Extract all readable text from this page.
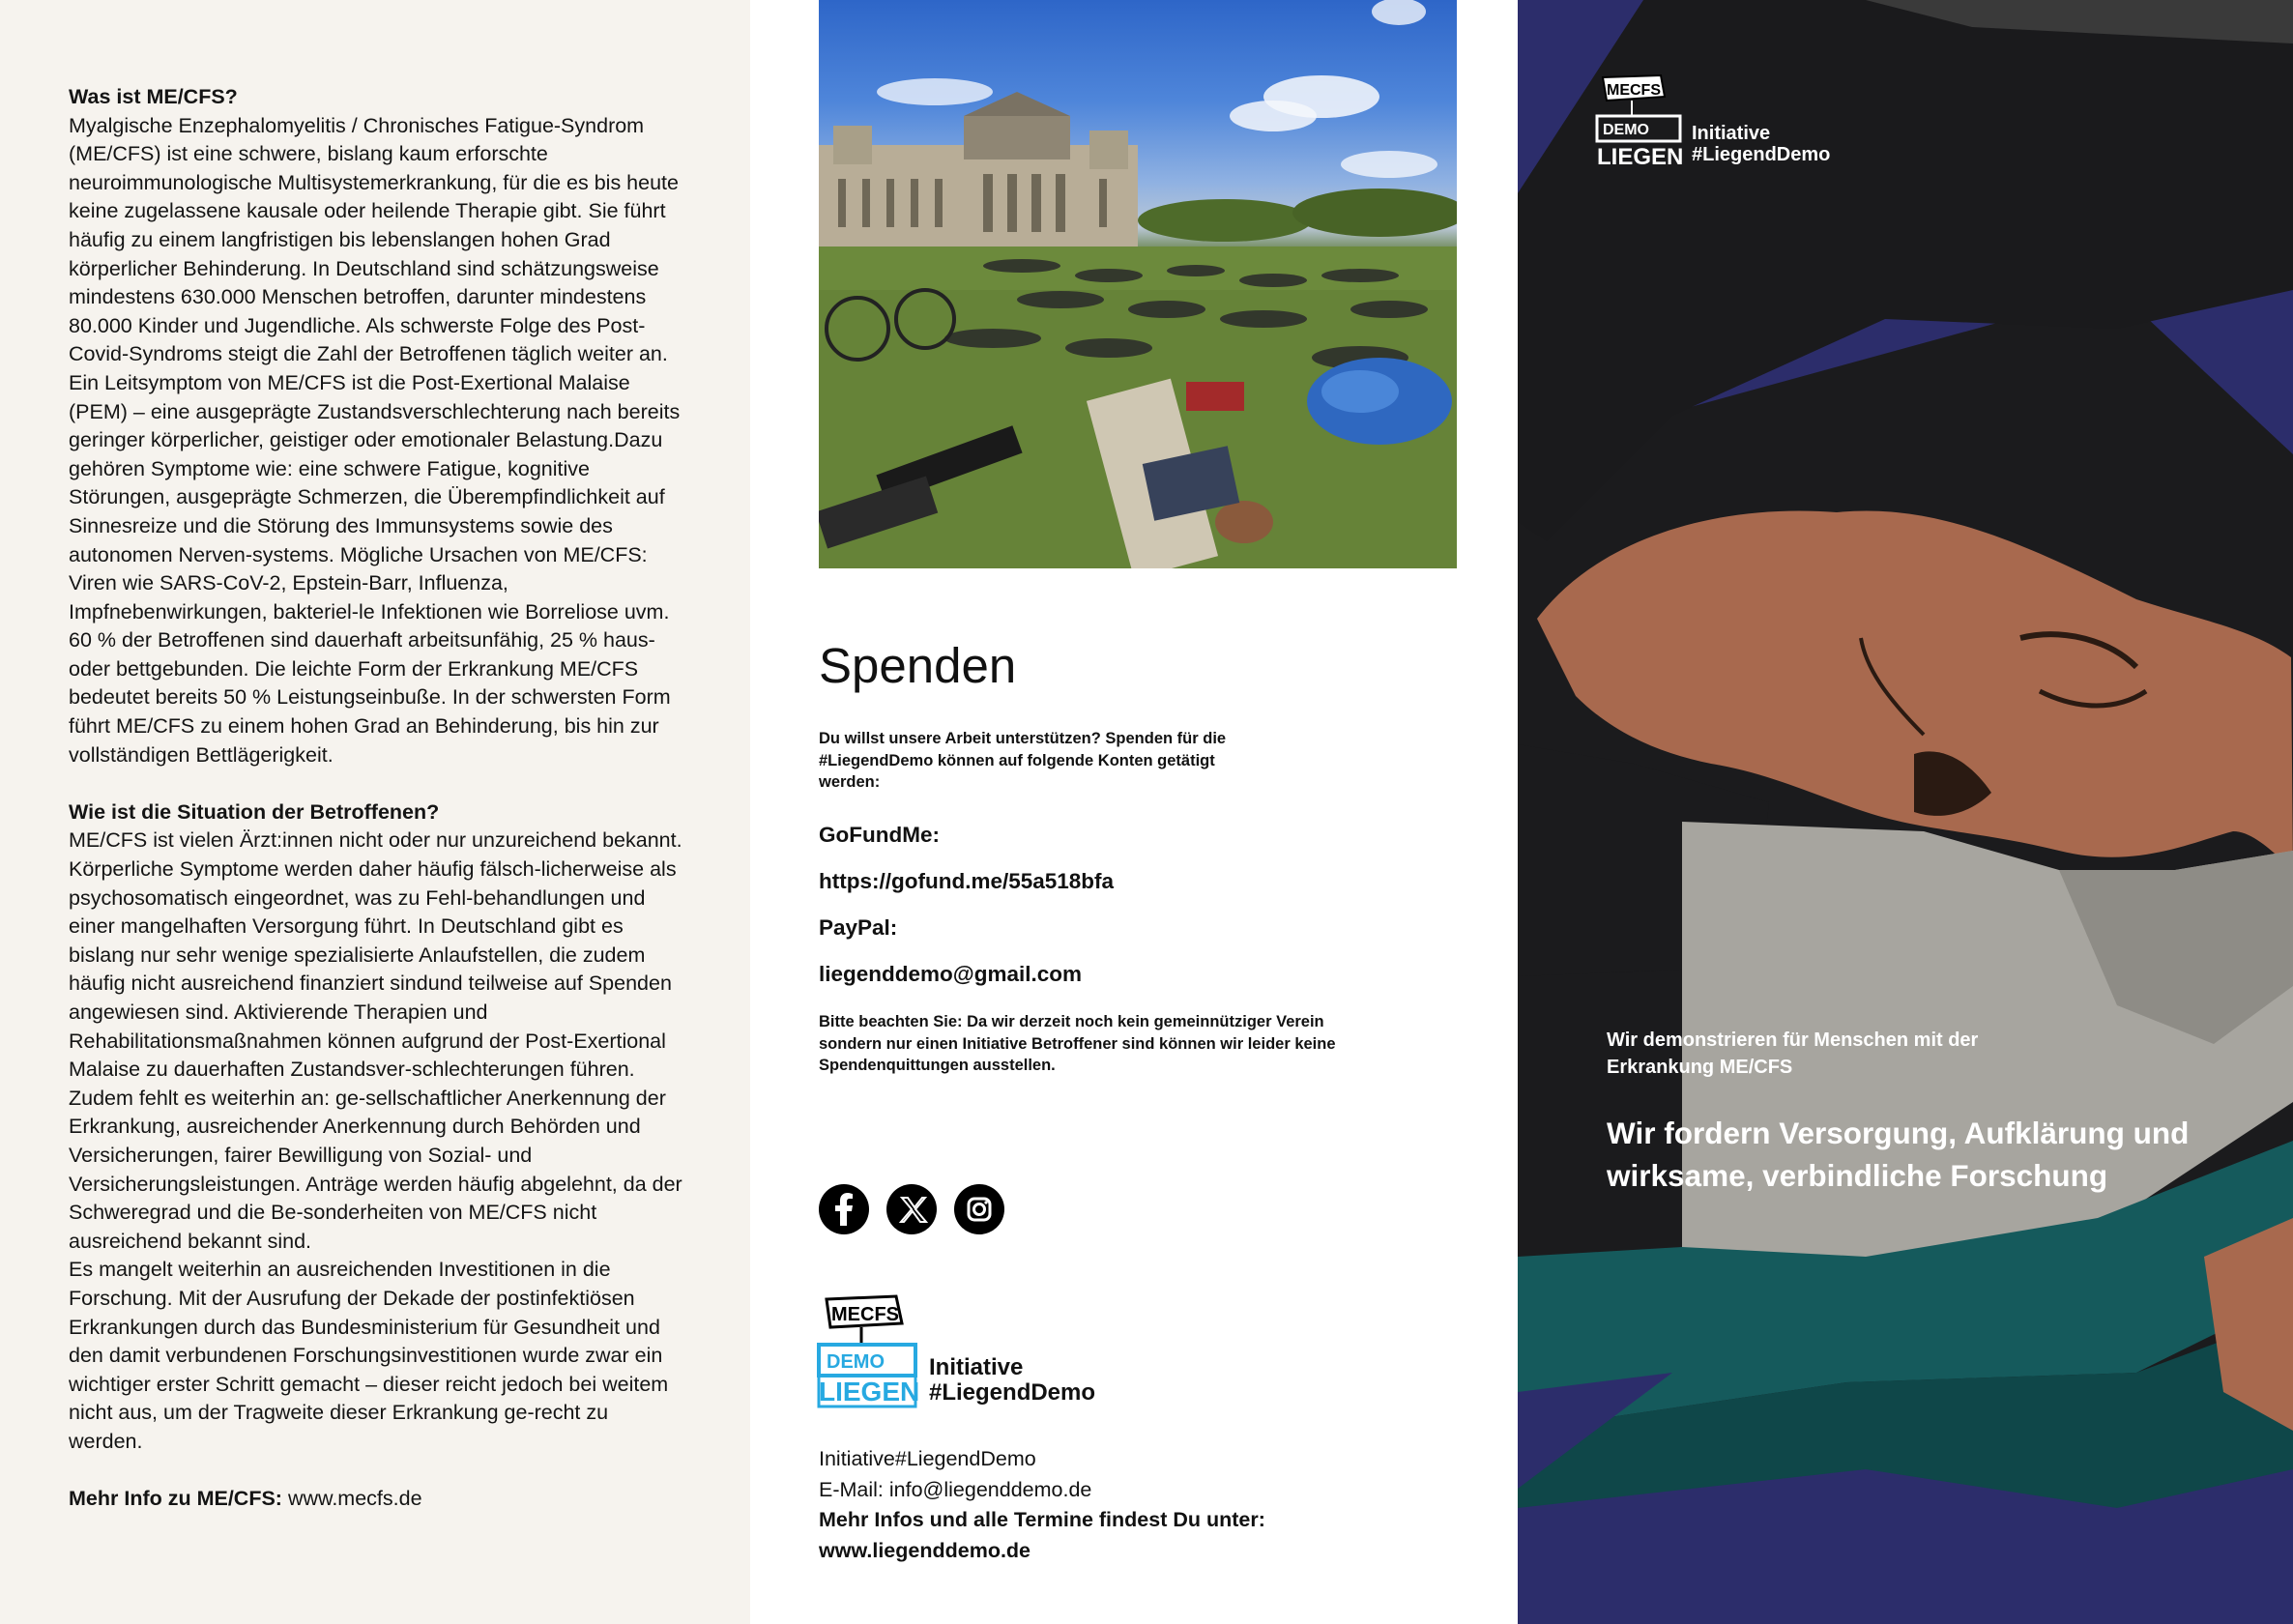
Was ist ME/CFS?

Myalgische Enzephalomyelitis / Chronisches Fatigue-Syndrom (ME/CFS) ist eine schwere, bislang kaum erforschte neuroimmunologische Multisystemerkrankung, für die es bis heute keine zugelassene kausale oder heilende Therapie gibt. Sie führt häufig zu einem langfristigen bis lebenslangen hohen Grad körperlicher Behinderung. In Deutschland sind schätzungsweise mindestens 630.000 Menschen betroffen, darunter mindestens 80.000 Kinder und Jugendliche. Als schwerste Folge des Post-Covid-Syndroms steigt die Zahl der Betroffenen täglich weiter an. Ein Leitsymptom von ME/CFS ist die Post-Exertional Malaise (PEM) – eine ausgeprägte Zustandsverschlechterung nach bereits geringer körperlicher, geistiger oder emotionaler Belastung.Dazu gehören Symptome wie: eine schwere Fatigue, kognitive Störungen, ausgeprägte Schmerzen, die Überempfindlichkeit auf Sinnesreize und die Störung des Immunsystems sowie des autonomen Nerven-systems. Mögliche Ursachen von ME/CFS: Viren wie SARS-CoV-2, Epstein-Barr, Influenza, Impfnebenwirkungen, bakteriel-le Infektionen wie Borreliose uvm. 60 % der Betroffenen sind dauerhaft arbeitsunfähig, 25 % haus- oder bettgebunden. Die leichte Form der Erkrankung ME/CFS bedeutet bereits 50 % Leistungseinbuße. In der schwersten Form führt ME/CFS zu einem hohen Grad an Behinderung, bis hin zur vollständigen Bettlägerigkeit.

Wie ist die Situation der Betroffenen?

ME/CFS ist vielen Ärzt:innen nicht oder nur unzureichend bekannt. Körperliche Symptome werden daher häufig fälsch-licherweise als psychosomatisch eingeordnet, was zu Fehl-behandlungen und einer mangelhaften Versorgung führt. In Deutschland gibt es bislang nur sehr wenige spezialisierte Anlaufstellen, die zudem häufig nicht ausreichend finanziert sindund teilweise auf Spenden angewiesen sind. Aktivierende Therapien und Rehabilitationsmaßnahmen können aufgrund der Post-Exertional Malaise zu dauerhaften Zustandsver-schlechterungen führen. Zudem fehlt es weiterhin an: ge-sellschaftlicher Anerkennung der Erkrankung, ausreichender Anerkennung durch Behörden und Versicherungen, fairer Bewilligung von Sozial- und Versicherungsleistungen. Anträge werden häufig abgelehnt, da der Schweregrad und die Be-sonderheiten von ME/CFS nicht ausreichend bekannt sind.

Es mangelt weiterhin an ausreichenden Investitionen in die Forschung. Mit der Ausrufung der Dekade der postinfektiösen Erkrankungen durch das Bundesministerium für Gesundheit und den damit verbundenen Forschungsinvestitionen wurde zwar ein wichtiger erster Schritt gemacht – dieser reicht jedoch bei weitem nicht aus, um der Tragweite dieser Erkrankung ge-recht zu werden.

Mehr Info zu ME/CFS: www.mecfs.de

Spenden

Du willst unsere Arbeit unterstützen? Spenden für die #LiegendDemo können auf folgende Konten getätigt werden:

GoFundMe:

https://gofund.me/55a518bfa

PayPal:

liegenddemo@gmail.com

Bitte beachten Sie: Da wir derzeit noch kein gemeinnütziger Verein sondern nur einen Initiative Betroffener sind können wir leider keine Spendenquittungen ausstellen.

MECFS
DEMO
LIEGEN
Initiative
#LiegendDemo
Initiative#LiegendDemo
E-Mail: info@liegenddemo.de
Mehr Infos und alle Termine findest Du unter:
www.liegenddemo.de
MECFS
DEMO
LIEGEN
Initiative
#LiegendDemo

Wir demonstrieren für Menschen mit der Erkrankung ME/CFS

Wir fordern Versorgung, Aufklärung und wirksame, verbindliche Forschung
